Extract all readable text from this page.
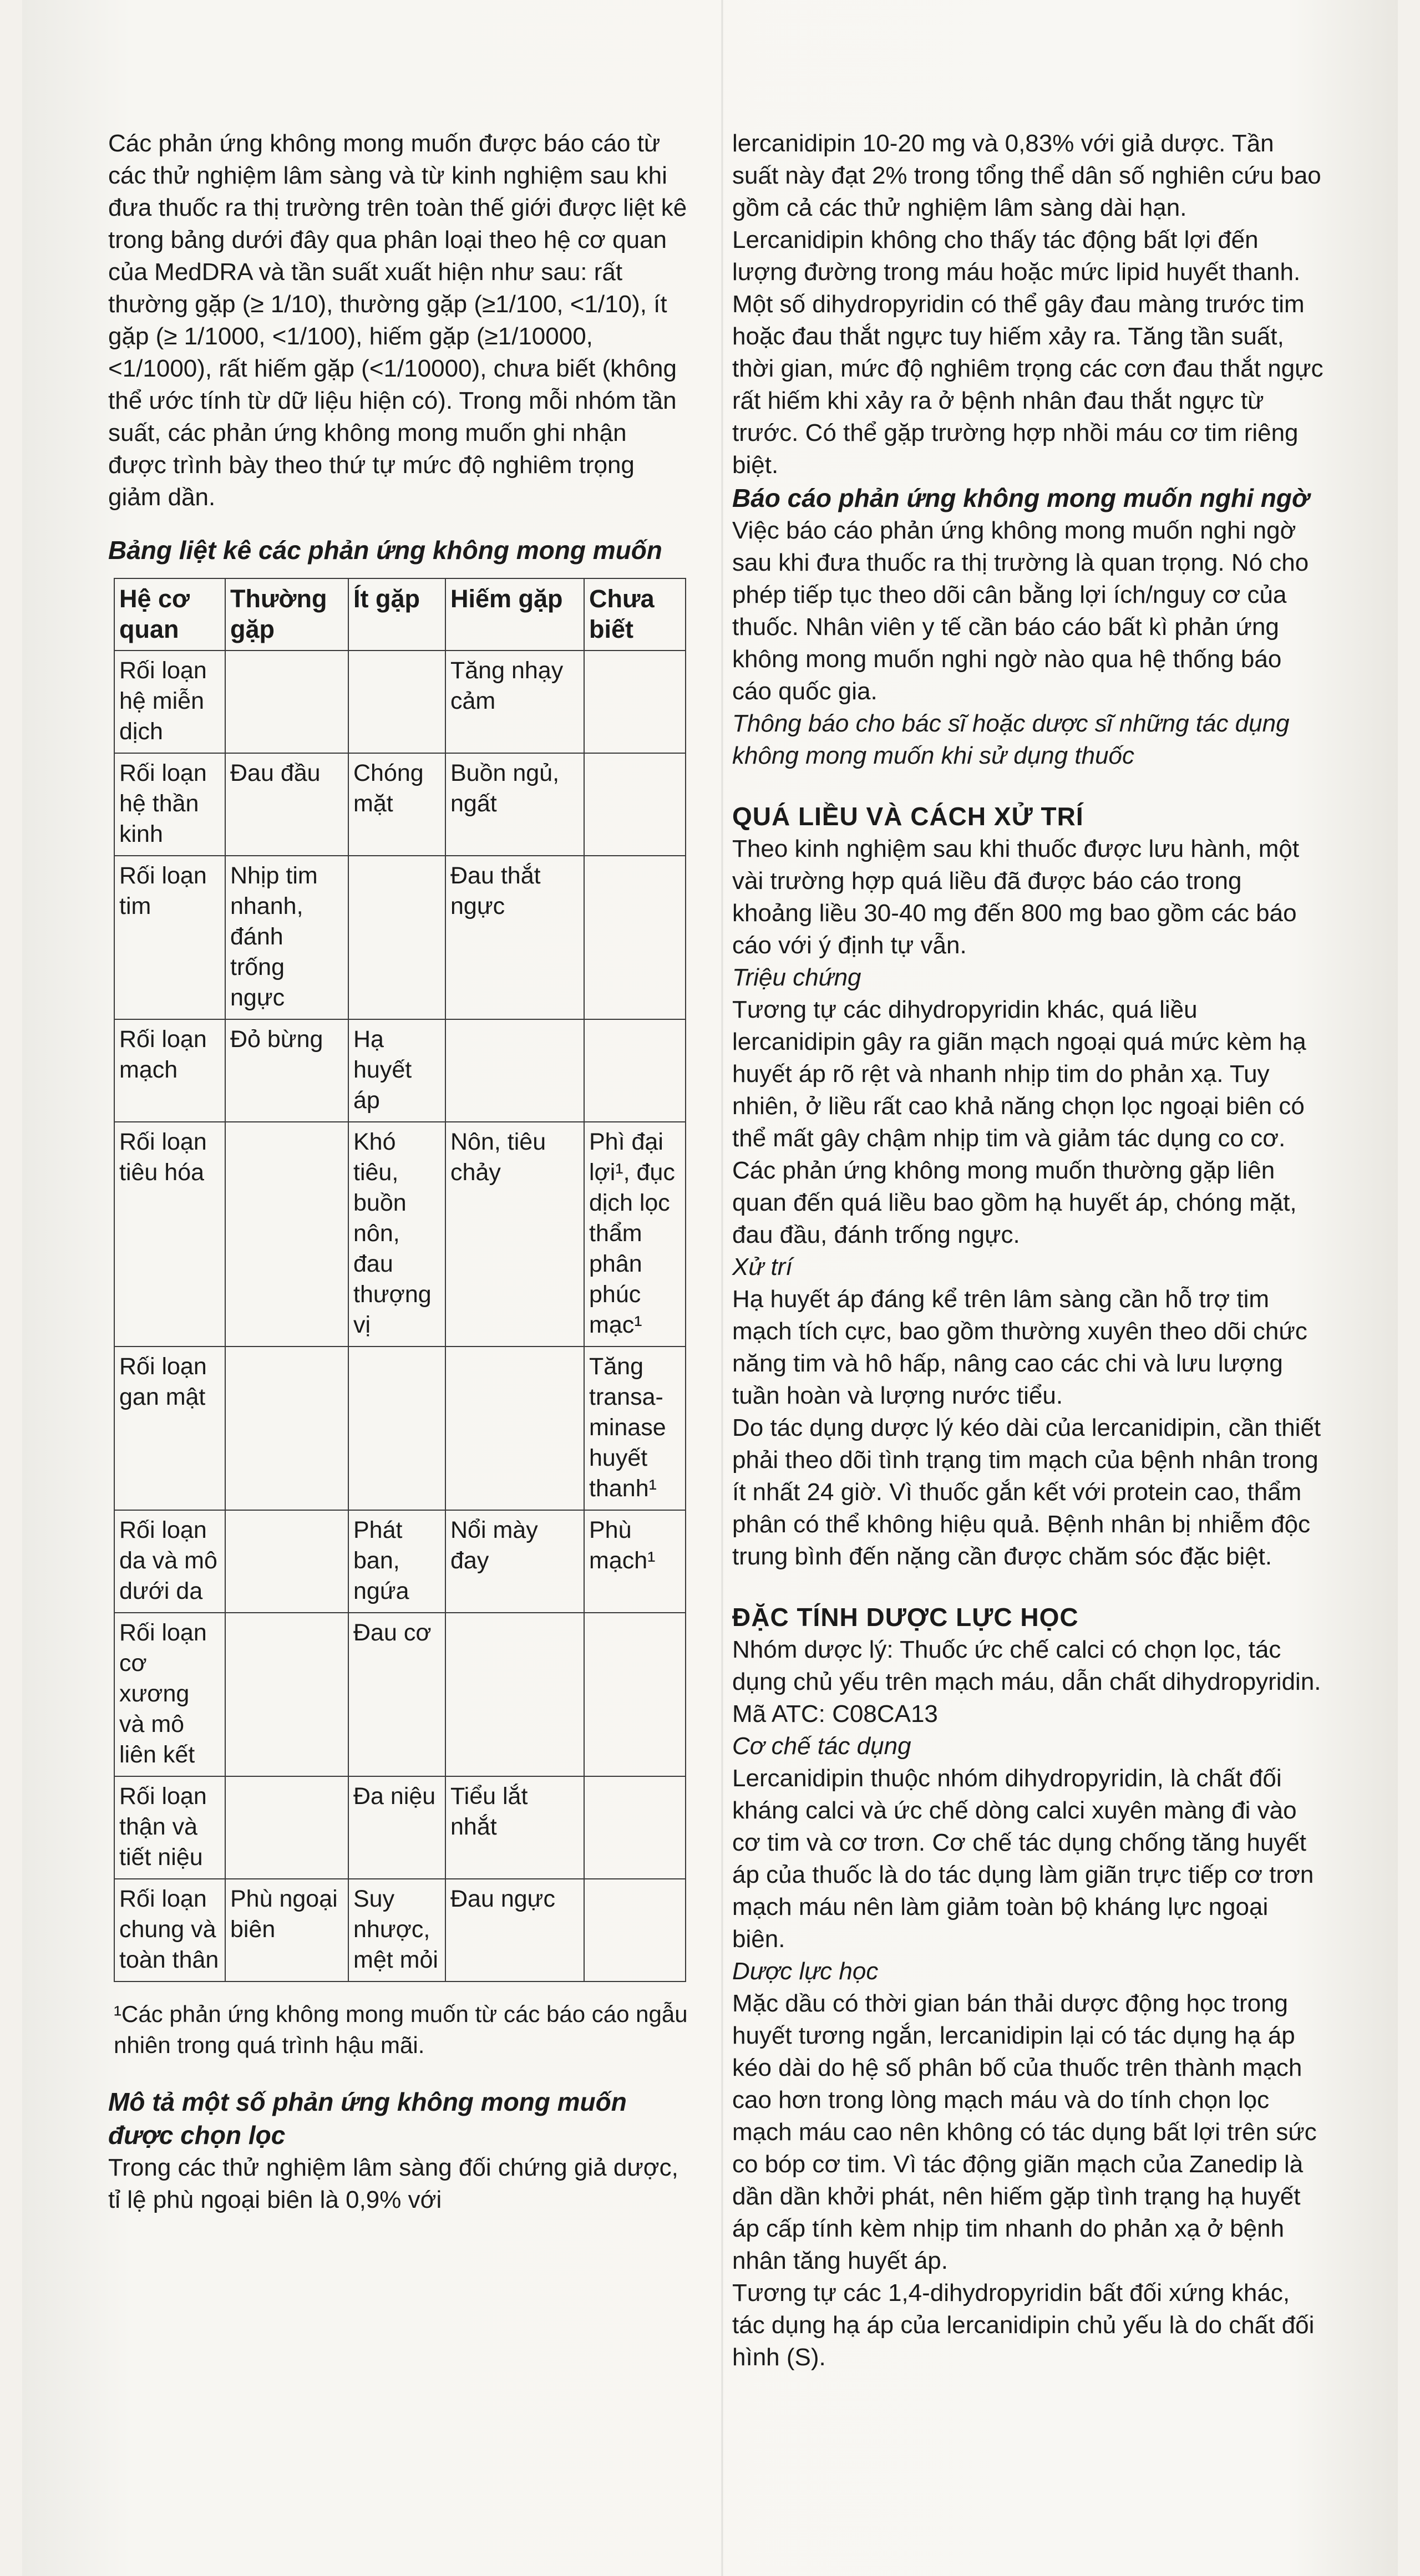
Các phản ứng không mong muốn được báo cáo từ các thử nghiệm lâm sàng và từ kinh nghiệm sau khi đưa thuốc ra thị trường trên toàn thế giới được liệt kê trong bảng dưới đây qua phân loại theo hệ cơ quan của MedDRA và tần suất xuất hiện như sau: rất thường gặp (≥ 1/10), thường gặp (≥1/100, <1/10), ít gặp (≥ 1/1000, <1/100), hiếm gặp (≥1/10000, <1/1000), rất hiếm gặp (<1/10000), chưa biết (không thể ước tính từ dữ liệu hiện có). Trong mỗi nhóm tần suất, các phản ứng không mong muốn ghi nhận được trình bày theo thứ tự mức độ nghiêm trọng giảm dần.

Bảng liệt kê các phản ứng không mong muốn

Hệ cơ quan	Thường gặp	Ít gặp	Hiếm gặp	Chưa biết
Rối loạn hệ miễn dịch			Tăng nhạy cảm	
Rối loạn hệ thần kinh	Đau đầu	Chóng mặt	Buồn ngủ, ngất	
Rối loạn tim	Nhịp tim nhanh, đánh trống ngực		Đau thắt ngực	
Rối loạn mạch	Đỏ bừng	Hạ huyết áp		
Rối loạn tiêu hóa		Khó tiêu, buồn nôn, đau thượng vị	Nôn, tiêu chảy	Phì đại lợi¹, đục dịch lọc thẩm phân phúc mạc¹
Rối loạn gan mật				Tăng transa-minase huyết thanh¹
Rối loạn da và mô dưới da		Phát ban, ngứa	Nổi mày đay	Phù mạch¹
Rối loạn cơ xương và mô liên kết		Đau cơ		
Rối loạn thận và tiết niệu		Đa niệu	Tiểu lắt nhắt	
Rối loạn chung và toàn thân	Phù ngoại biên	Suy nhược, mệt mỏi	Đau ngực	

¹Các phản ứng không mong muốn từ các báo cáo ngẫu nhiên trong quá trình hậu mãi.

Mô tả một số phản ứng không mong muốn được chọn lọc

Trong các thử nghiệm lâm sàng đối chứng giả dược, tỉ lệ phù ngoại biên là 0,9% với

lercanidipin 10-20 mg và 0,83% với giả dược. Tần suất này đạt 2% trong tổng thể dân số nghiên cứu bao gồm cả các thử nghiệm lâm sàng dài hạn.

Lercanidipin không cho thấy tác động bất lợi đến lượng đường trong máu hoặc mức lipid huyết thanh.

Một số dihydropyridin có thể gây đau màng trước tim hoặc đau thắt ngực tuy hiếm xảy ra. Tăng tần suất, thời gian, mức độ nghiêm trọng các cơn đau thắt ngực rất hiếm khi xảy ra ở bệnh nhân đau thắt ngực từ trước. Có thể gặp trường hợp nhồi máu cơ tim riêng biệt.

Báo cáo phản ứng không mong muốn nghi ngờ

Việc báo cáo phản ứng không mong muốn nghi ngờ sau khi đưa thuốc ra thị trường là quan trọng. Nó cho phép tiếp tục theo dõi cân bằng lợi ích/nguy cơ của thuốc. Nhân viên y tế cần báo cáo bất kì phản ứng không mong muốn nghi ngờ nào qua hệ thống báo cáo quốc gia.

Thông báo cho bác sĩ hoặc dược sĩ những tác dụng không mong muốn khi sử dụng thuốc

QUÁ LIỀU VÀ CÁCH XỬ TRÍ

Theo kinh nghiệm sau khi thuốc được lưu hành, một vài trường hợp quá liều đã được báo cáo trong khoảng liều 30-40 mg đến 800 mg bao gồm các báo cáo với ý định tự vẫn.

Triệu chứng

Tương tự các dihydropyridin khác, quá liều lercanidipin gây ra giãn mạch ngoại quá mức kèm hạ huyết áp rõ rệt và nhanh nhịp tim do phản xạ. Tuy nhiên, ở liều rất cao khả năng chọn lọc ngoại biên có thể mất gây chậm nhịp tim và giảm tác dụng co cơ. Các phản ứng không mong muốn thường gặp liên quan đến quá liều bao gồm hạ huyết áp, chóng mặt, đau đầu, đánh trống ngực.

Xử trí

Hạ huyết áp đáng kể trên lâm sàng cần hỗ trợ tim mạch tích cực, bao gồm thường xuyên theo dõi chức năng tim và hô hấp, nâng cao các chi và lưu lượng tuần hoàn và lượng nước tiểu.

Do tác dụng dược lý kéo dài của lercanidipin, cần thiết phải theo dõi tình trạng tim mạch của bệnh nhân trong ít nhất 24 giờ. Vì thuốc gắn kết với protein cao, thẩm phân có thể không hiệu quả. Bệnh nhân bị nhiễm độc trung bình đến nặng cần được chăm sóc đặc biệt.

ĐẶC TÍNH DƯỢC LỰC HỌC

Nhóm dược lý: Thuốc ức chế calci có chọn lọc, tác dụng chủ yếu trên mạch máu, dẫn chất dihydropyridin.

Mã ATC: C08CA13

Cơ chế tác dụng

Lercanidipin thuộc nhóm dihydropyridin, là chất đối kháng calci và ức chế dòng calci xuyên màng đi vào cơ tim và cơ trơn. Cơ chế tác dụng chống tăng huyết áp của thuốc là do tác dụng làm giãn trực tiếp cơ trơn mạch máu nên làm giảm toàn bộ kháng lực ngoại biên.

Dược lực học

Mặc dầu có thời gian bán thải dược động học trong huyết tương ngắn, lercanidipin lại có tác dụng hạ áp kéo dài do hệ số phân bố của thuốc trên thành mạch cao hơn trong lòng mạch máu và do tính chọn lọc mạch máu cao nên không có tác dụng bất lợi trên sức co bóp cơ tim. Vì tác động giãn mạch của Zanedip là dần dần khởi phát, nên hiếm gặp tình trạng hạ huyết áp cấp tính kèm nhịp tim nhanh do phản xạ ở bệnh nhân tăng huyết áp.

Tương tự các 1,4-dihydropyridin bất đối xứng khác, tác dụng hạ áp của lercanidipin chủ yếu là do chất đối hình (S).
